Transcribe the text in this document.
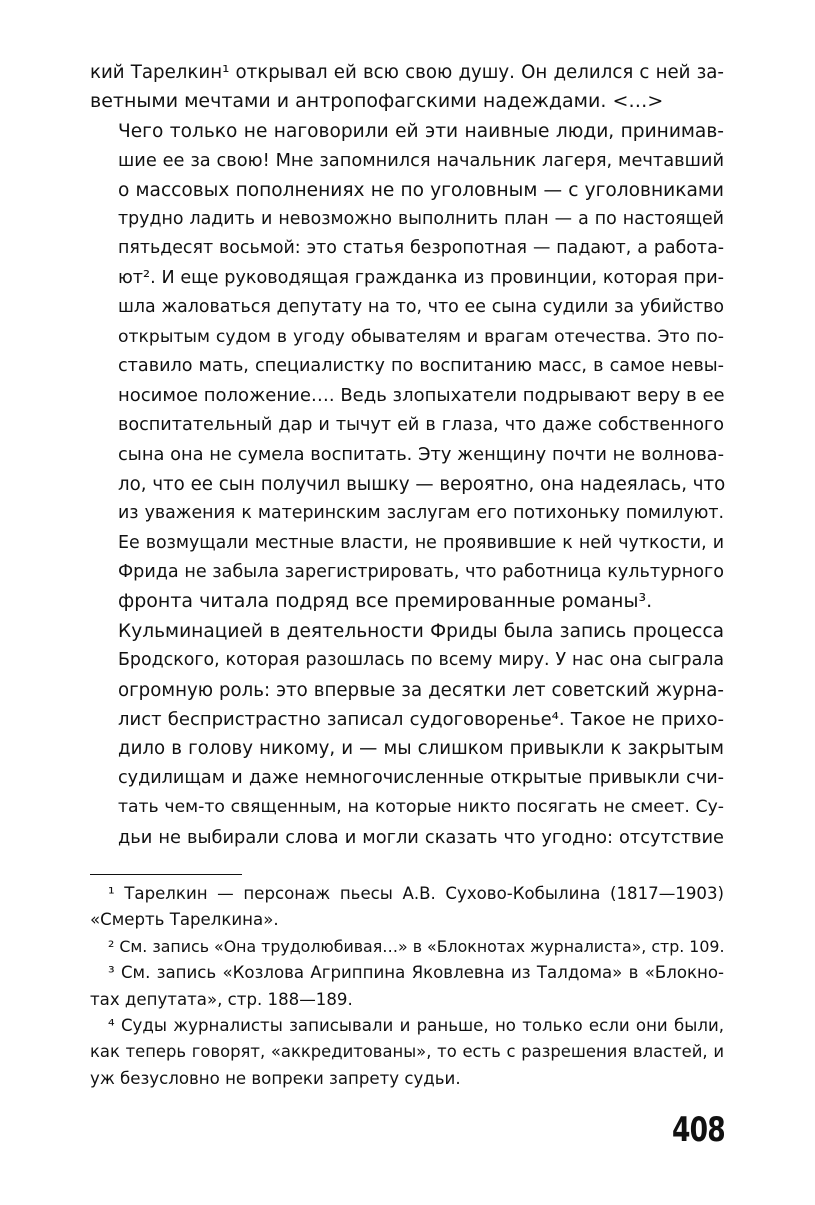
кий Тарелкин¹ открывал ей всю свою душу. Он делился с ней за-
ветными мечтами и антропофагскими надеждами. <…>

Чего только не наговорили ей эти наивные люди, принимав-
шие ее за свою! Мне запомнился начальник лагеря, мечтавший
о массовых пополнениях не по уголовным — с уголовниками
трудно ладить и невозможно выполнить план — а по настоящей
пятьдесят восьмой: это статья безропотная — падают, а работа-
ют². И еще руководящая гражданка из провинции, которая при-
шла жаловаться депутату на то, что ее сына судили за убийство
открытым судом в угоду обывателям и врагам отечества. Это по-
ставило мать, специалистку по воспитанию масс, в самое невы-
носимое положение…. Ведь злопыхатели подрывают веру в ее
воспитательный дар и тычут ей в глаза, что даже собственного
сына она не сумела воспитать. Эту женщину почти не волнова-
ло, что ее сын получил вышку — вероятно, она надеялась, что
из уважения к материнским заслугам его потихоньку помилуют.
Ее возмущали местные власти, не проявившие к ней чуткости, и
Фрида не забыла зарегистрировать, что работница культурного
фронта читала подряд все премированные романы³.

Кульминацией в деятельности Фриды была запись процесса
Бродского, которая разошлась по всему миру. У нас она сыграла
огромную роль: это впервые за десятки лет советский журна-
лист беспристрастно записал судоговоренье⁴. Такое не прихо-
дило в голову никому, и — мы слишком привыкли к закрытым
судилищам и даже немногочисленные открытые привыкли счи-
тать чем-то священным, на которые никто посягать не смеет. Су-
дьи не выбирали слова и могли сказать что угодно: отсутствие

¹ Тарелкин — персонаж пьесы А.В. Сухово-Кобылина (1817—1903)
«Смерть Тарелкина».

² См. запись «Она трудолюбивая…» в «Блокнотах журналиста», стр. 109.

³ См. запись «Козлова Агриппина Яковлевна из Талдома» в «Блокно-
тах депутата», стр. 188—189.

⁴ Суды журналисты записывали и раньше, но только если они были,
как теперь говорят, «аккредитованы», то есть с разрешения властей, и
уж безусловно не вопреки запрету судьи.

408
